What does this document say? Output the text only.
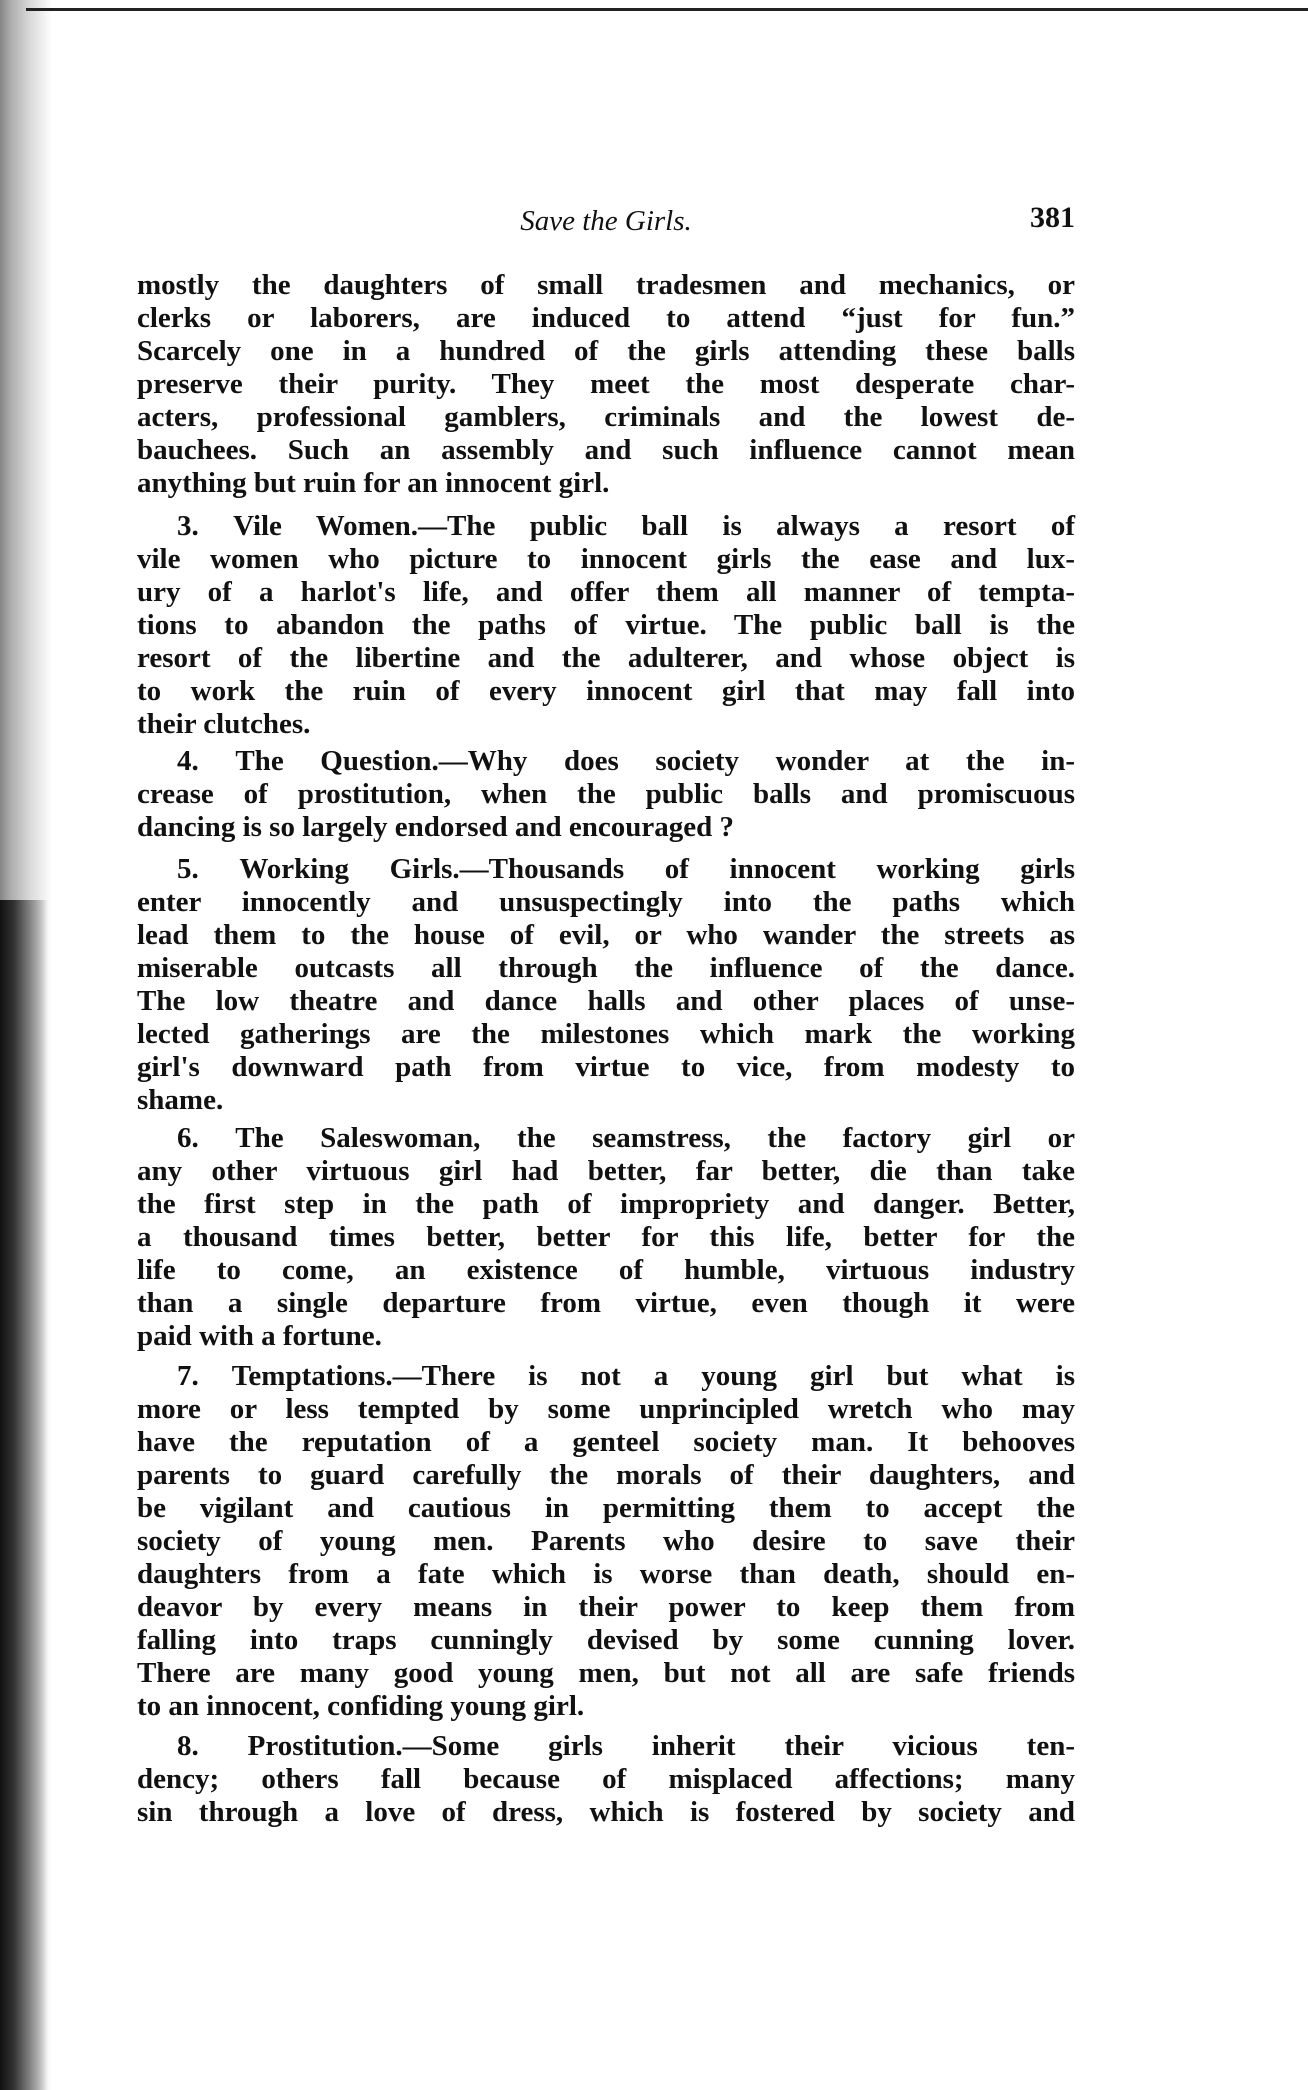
Save the Girls.	381
mostly the daughters of small tradesmen and mechanics, or
clerks or laborers, are induced to attend “just for fun.”
Scarcely one in a hundred of the girls attending these balls
preserve their purity. They meet the most desperate char-
acters, professional gamblers, criminals and the lowest de-
bauchees. Such an assembly and such influence cannot mean
anything but ruin for an innocent girl.
3. Vile Women.—The public ball is always a resort of
vile women who picture to innocent girls the ease and lux-
ury of a harlot's life, and offer them all manner of tempta-
tions to abandon the paths of virtue. The public ball is the
resort of the libertine and the adulterer, and whose object is
to work the ruin of every innocent girl that may fall into
their clutches.
4. The Question.—Why does society wonder at the in-
crease of prostitution, when the public balls and promiscuous
dancing is so largely endorsed and encouraged ?
5. Working Girls.—Thousands of innocent working girls
enter innocently and unsuspectingly into the paths which
lead them to the house of evil, or who wander the streets as
miserable outcasts all through the influence of the dance.
The low theatre and dance halls and other places of unse-
lected gatherings are the milestones which mark the working
girl's downward path from virtue to vice, from modesty to
shame.
6. The Saleswoman, the seamstress, the factory girl or
any other virtuous girl had better, far better, die than take
the first step in the path of impropriety and danger. Better,
a thousand times better, better for this life, better for the
life to come, an existence of humble, virtuous industry
than a single departure from virtue, even though it were
paid with a fortune.
7. Temptations.—There is not a young girl but what is
more or less tempted by some unprincipled wretch who may
have the reputation of a genteel society man. It behooves
parents to guard carefully the morals of their daughters, and
be vigilant and cautious in permitting them to accept the
society of young men. Parents who desire to save their
daughters from a fate which is worse than death, should en-
deavor by every means in their power to keep them from
falling into traps cunningly devised by some cunning lover.
There are many good young men, but not all are safe friends
to an innocent, confiding young girl.
8. Prostitution.—Some girls inherit their vicious ten-
dency; others fall because of misplaced affections; many
sin through a love of dress, which is fostered by society and
